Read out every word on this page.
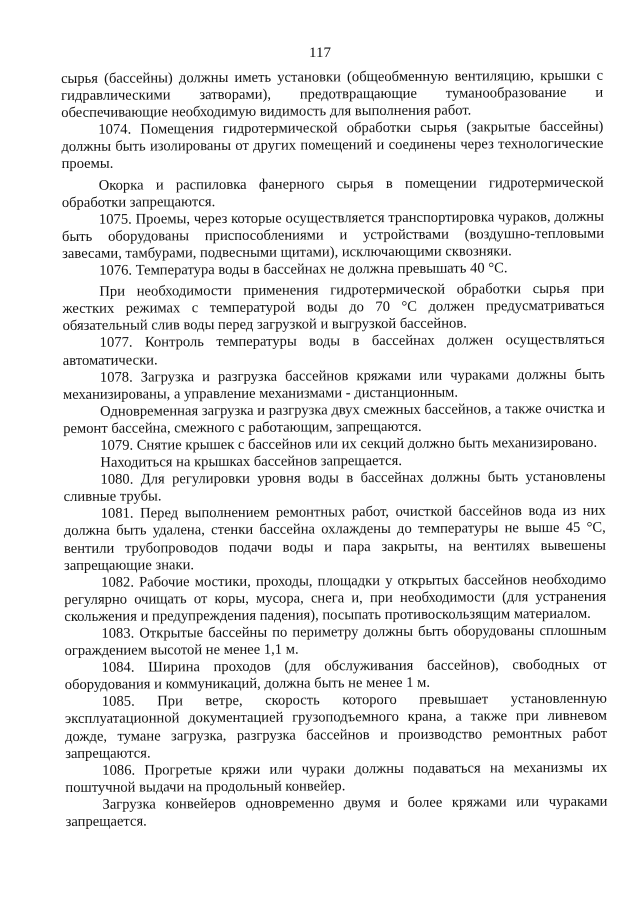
117

сырья (бассейны) должны иметь установки (общеобменную вентиляцию, крышки с гидравлическими затворами), предотвращающие туманообразование и обеспечивающие необходимую видимость для выполнения работ.

1074. Помещения гидротермической обработки сырья (закрытые бассейны) должны быть изолированы от других помещений и соединены через технологические проемы.

Окорка и распиловка фанерного сырья в помещении гидротермической обработки запрещаются.

1075. Проемы, через которые осуществляется транспортировка чураков, должны быть оборудованы приспособлениями и устройствами (воздушно-тепловыми завесами, тамбурами, подвесными щитами), исключающими сквозняки.

1076. Температура воды в бассейнах не должна превышать 40 °С.

При необходимости применения гидротермической обработки сырья при жестких режимах с температурой воды до 70 °С должен предусматриваться обязательный слив воды перед загрузкой и выгрузкой бассейнов.

1077. Контроль температуры воды в бассейнах должен осуществляться автоматически.

1078. Загрузка и разгрузка бассейнов кряжами или чураками должны быть механизированы, а управление механизмами - дистанционным.

Одновременная загрузка и разгрузка двух смежных бассейнов, а также очистка и ремонт бассейна, смежного с работающим, запрещаются.

1079. Снятие крышек с бассейнов или их секций должно быть механизировано.

Находиться на крышках бассейнов запрещается.

1080. Для регулировки уровня воды в бассейнах должны быть установлены сливные трубы.

1081. Перед выполнением ремонтных работ, очисткой бассейнов вода из них должна быть удалена, стенки бассейна охлаждены до температуры не выше 45 °С, вентили трубопроводов подачи воды и пара закрыты, на вентилях вывешены запрещающие знаки.

1082. Рабочие мостики, проходы, площадки у открытых бассейнов необходимо регулярно очищать от коры, мусора, снега и, при необходимости (для устранения скольжения и предупреждения падения), посыпать противоскользящим материалом.

1083. Открытые бассейны по периметру должны быть оборудованы сплошным ограждением высотой не менее 1,1 м.

1084. Ширина проходов (для обслуживания бассейнов), свободных от оборудования и коммуникаций, должна быть не менее 1 м.

1085. При ветре, скорость которого превышает установленную эксплуатационной документацией грузоподъемного крана, а также при ливневом дожде, тумане загрузка, разгрузка бассейнов и производство ремонтных работ запрещаются.

1086. Прогретые кряжи или чураки должны подаваться на механизмы их поштучной выдачи на продольный конвейер.

Загрузка конвейеров одновременно двумя и более кряжами или чураками запрещается.
